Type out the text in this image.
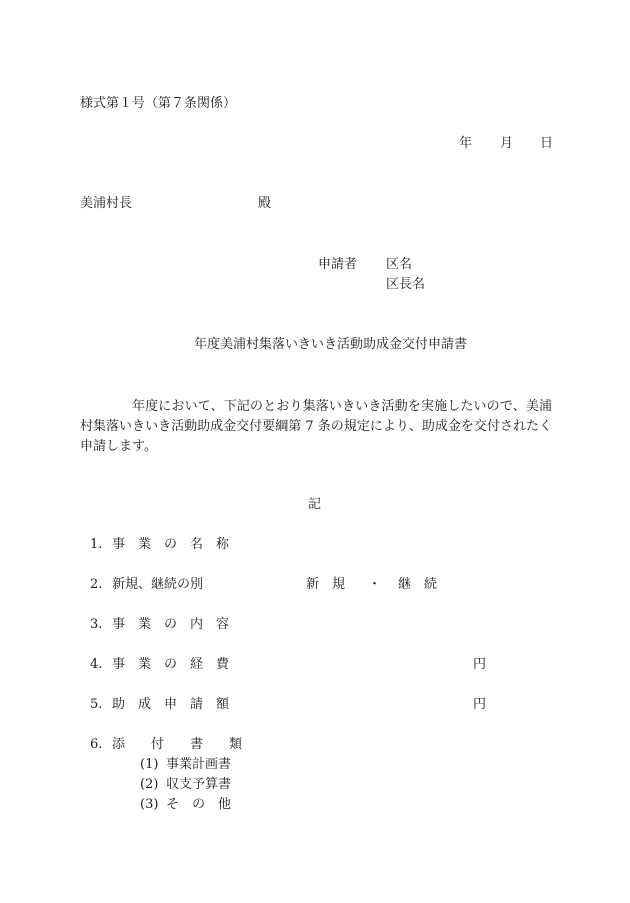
様式第１号（第７条関係）
年 月 日
美浦村長	殿
申請者 区名
区長名
年度美浦村集落いきいき活動助成金交付申請書
年度において、下記のとおり集落いきいき活動を実施したいので、美浦村集落いきいき活動助成金交付要綱第 7 条の規定により、助成金を交付されたく申請します。
記
1. 事　業　の　名　称
2. 新規、継続の別	新　規 ・ 継　続
3. 事　業　の　内　容
4. 事　業　の　経　費	円
5. 助　成　申　請　額	円
6. 添　　付　　書　　類
(1) 事業計画書
(2) 収支予算書
(3) そ　の　他
